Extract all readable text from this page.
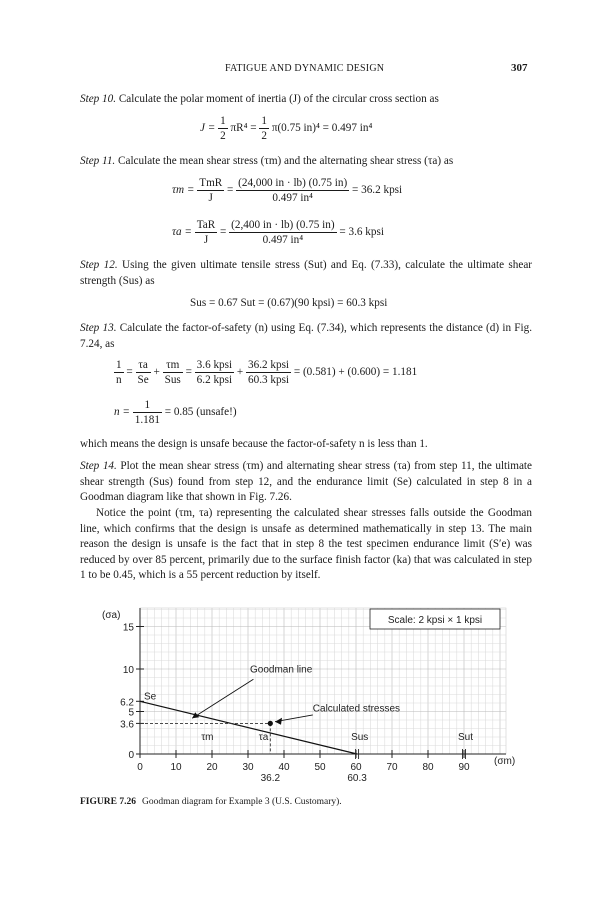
FATIGUE AND DYNAMIC DESIGN	307
Step 10. Calculate the polar moment of inertia (J) of the circular cross section as
$J = \frac{1}{2} \pi R^4 = \frac{1}{2} \pi(0.75$ in)⁴ = 0.497 in⁴
Step 11. Calculate the mean shear stress (τm) and the alternating shear stress (τa) as
$\tau m = \frac{\text{TmR}}{J} = \frac{(24,000 in \cdot lb) (0.75 in)}{\text{0.497 in⁴}} = 36.2$ kpsi
$\tau a = \frac{\text{TaR}}{J} = \frac{(2,400 in \cdot lb) (0.75 in)}{\text{0.497 in⁴}} = 3.6$ kpsi
Step 12. Using the given ultimate tensile stress (Sut) and Eq. (7.33), calculate the ultimate shear strength (Sus) as
Sus = 0.67 Sut = (0.67)(90 kpsi) = 60.3 kpsi
Step 13. Calculate the factor-of-safety (n) using Eq. (7.34), which represents the distance (d) in Fig. 7.24, as
$\frac{1}{n} = \frac{\tau a}{Se} + \frac{\tau m}{\text{Sus}} = \frac{\text{3.6 kpsi}}{\text{6.2 kpsi}} + \frac{\text{36.2 kpsi}}{\text{60.3 kpsi}} = (0.581) + (0.600) = 1.181$
$n = \frac{1}{1.181} = 0.85$ (unsafe!)
which means the design is unsafe because the factor-of-safety n is less than 1.
Step 14. Plot the mean shear stress (τm) and alternating shear stress (τa) from step 11, the ultimate shear strength (Sus) found from step 12, and the endurance limit (Se) calculated in step 8 in a Goodman diagram like that shown in Fig. 7.26.
Notice the point (τm, τa) representing the calculated shear stresses falls outside the Goodman line, which confirms that the design is unsafe as determined mathematically in step 13. The main reason the design is unsafe is the fact that in step 8 the test specimen endurance limit (S′e) was reduced by over 85 percent, primarily due to the surface finish factor (ka) that was calculated in step 1 to be 0.45, which is a 55 percent reduction by itself.
15
10
6.2
5
3.6
0
0	10 20 30 40 50 60 70 80 90
36.2	60.3
(σa)
(σm)
Scale: 2 kpsi × 1 kpsi
Se
τm	τa	Sus	Sut
Goodman line
Calculated stresses
FIGURE 7.26 Goodman diagram for Example 3 (U.S. Customary).
